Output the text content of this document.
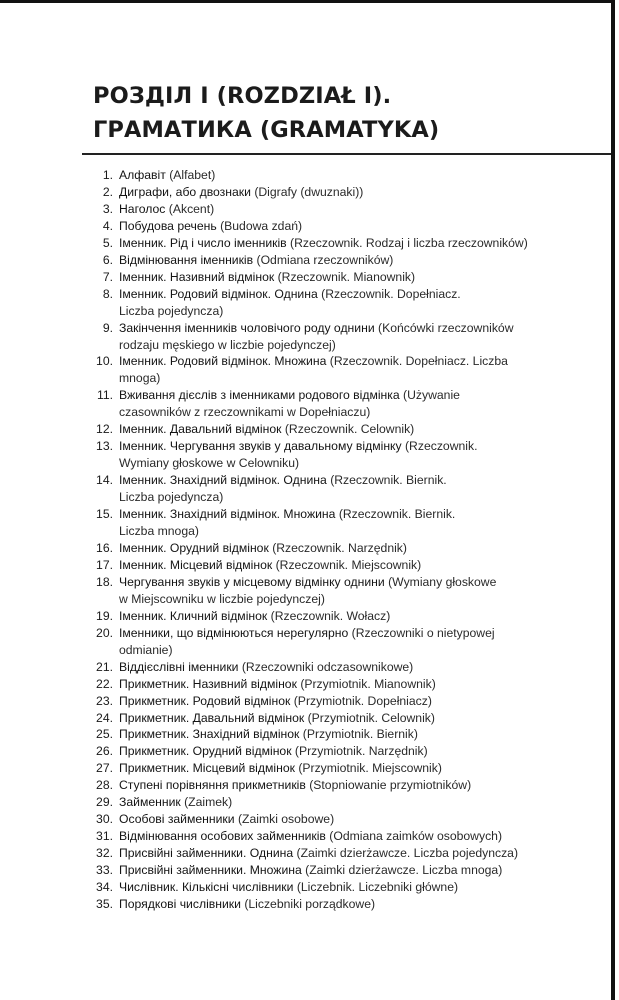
РОЗДІЛ I (ROZDZIAŁ I).
ГРАМАТИКА (GRAMATYKA)
1. Алфавіт (Alfabet)
2. Диграфи, або двознаки (Digrafy (dwuznaki))
3. Наголос (Akcent)
4. Побудова речень (Budowa zdań)
5. Іменник. Рід і число іменників (Rzeczownik. Rodzaj i liczba rzeczowników)
6. Відмінювання іменників (Odmiana rzeczowników)
7. Іменник. Називний відмінок (Rzeczownik. Mianownik)
8. Іменник. Родовий відмінок. Однина (Rzeczownik. Dopełniacz.
Liczba pojedyncza)
9. Закінчення іменників чоловічого роду однини (Końcówki rzeczowników
rodzaju męskiego w liczbie pojedynczej)
10. Іменник. Родовий відмінок. Множина (Rzeczownik. Dopełniacz. Liczba
mnoga)
11. Вживання дієслів з іменниками родового відмінка (Używanie
czasowników z rzeczownikami w Dopełniaczu)
12. Іменник. Давальний відмінок (Rzeczownik. Celownik)
13. Іменник. Чергування звуків у давальному відмінку (Rzeczownik.
Wymiany głoskowe w Celowniku)
14. Іменник. Знахідний відмінок. Однина (Rzeczownik. Biernik.
Liczba pojedyncza)
15. Іменник. Знахідний відмінок. Множина (Rzeczownik. Biernik.
Liczba mnoga)
16. Іменник. Орудний відмінок (Rzeczownik. Narzędnik)
17. Іменник. Місцевий відмінок (Rzeczownik. Miejscownik)
18. Чергування звуків у місцевому відмінку однини (Wymiany głoskowe
w Miejscowniku w liczbie pojedynczej)
19. Іменник. Кличний відмінок (Rzeczownik. Wołacz)
20. Іменники, що відмінюються нерегулярно (Rzeczowniki o nietypowej
odmianie)
21. Віддієслівні іменники (Rzeczowniki odczasownikowe)
22. Прикметник. Називний відмінок (Przymiotnik. Mianownik)
23. Прикметник. Родовий відмінок (Przymiotnik. Dopełniacz)
24. Прикметник. Давальний відмінок (Przymiotnik. Celownik)
25. Прикметник. Знахідний відмінок (Przymiotnik. Biernik)
26. Прикметник. Орудний відмінок (Przymiotnik. Narzędnik)
27. Прикметник. Місцевий відмінок (Przymiotnik. Miejscownik)
28. Ступені порівняння прикметників (Stopniowanie przymiotników)
29. Займенник (Zaimek)
30. Особові займенники (Zaimki osobowe)
31. Відмінювання особових займенників (Odmiana zaimków osobowych)
32. Присвійні займенники. Однина (Zaimki dzierżawcze. Liczba pojedyncza)
33. Присвійні займенники. Множина (Zaimki dzierżawcze. Liczba mnoga)
34. Числівник. Кількісні числівники (Liczebnik. Liczebniki główne)
35. Порядкові числівники (Liczebniki porządkowe)
